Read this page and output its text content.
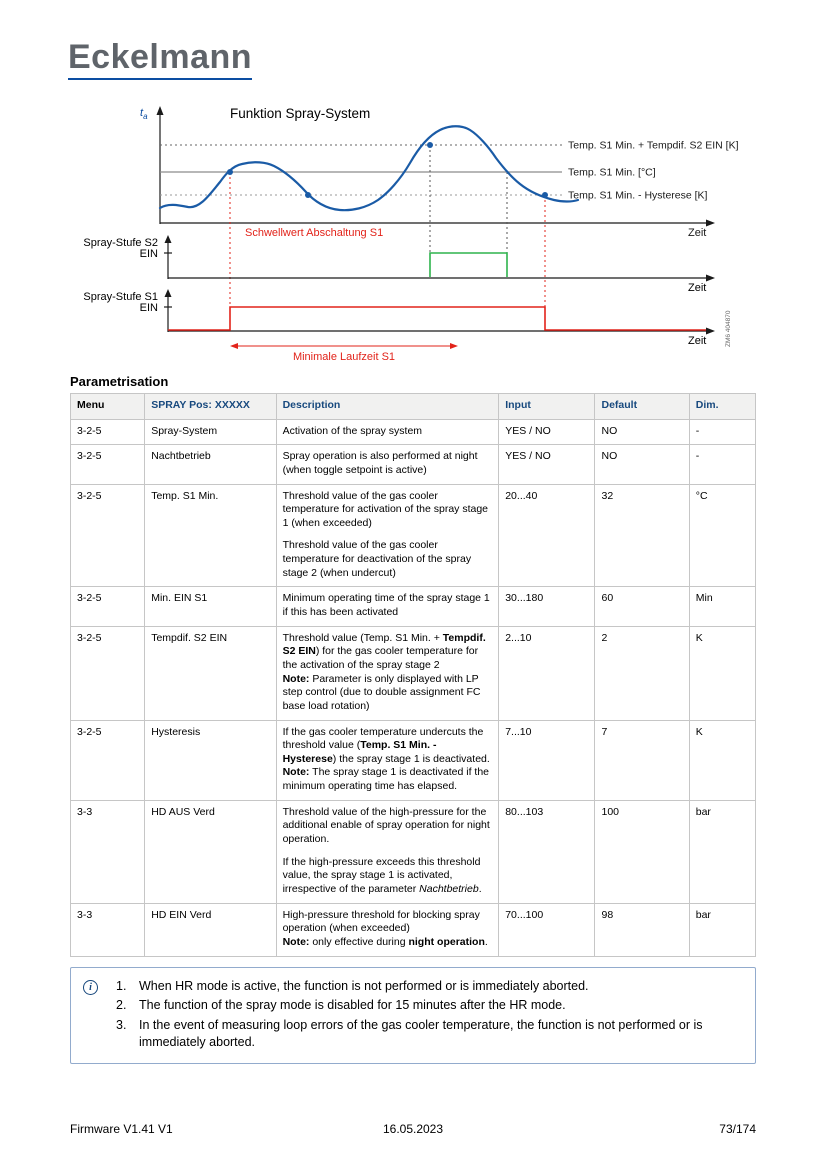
Eckelmann
Funktion Spray-System
$t_a$
Temp. S1 Min. + Tempdif. S2 EIN [K]
Temp. S1 Min. [°C]
Temp. S1 Min. - Hysterese [K]
Zeit
Schwellwert Abschaltung S1
Spray-Stufe S2
EIN
Zeit
Spray-Stufe S1
EIN
Zeit
Minimale Laufzeit S1
ZM6 404870
Parametrisation
Menu	SPRAY Pos: XXXXX	Description	Input	Default	Dim.

3-2-5	Spray-System	Activation of the spray system	YES / NO	NO	-

3-2-5	Nachtbetrieb	Spray operation is also performed at night (when toggle setpoint is active)	YES / NO	NO	-

3-2-5	Temp. S1 Min.	Threshold value of the gas cooler temperature for activation of the spray stage 1 (when exceeded)
Threshold value of the gas cooler temperature for deactivation of the spray stage 2 (when undercut)	20...40	32	°C

3-2-5	Min. EIN S1	Minimum operating time of the spray stage 1 if this has been activated	30...180	60	Min

3-2-5	Tempdif. S2 EIN	Threshold value (Temp. S1 Min. + Tempdif. S2 EIN) for the gas cooler temperature for the activation of the spray stage 2
Note: Parameter is only displayed with LP step control (due to double assignment FC base load rotation)	2...10	2	K

3-2-5	Hysteresis	If the gas cooler temperature undercuts the threshold value (Temp. S1 Min. - Hysterese) the spray stage 1 is deactivated.
Note: The spray stage 1 is deactivated if the minimum operating time has elapsed.	7...10	7	K

3-3	HD AUS Verd	Threshold value of the high-pressure for the additional enable of spray operation for night operation.
If the high-pressure exceeds this threshold value, the spray stage 1 is activated, irrespective of the parameter Nachtbetrieb.	80...103	100	bar

3-3	HD EIN Verd	High-pressure threshold for blocking spray operation (when exceeded)
Note: only effective during night operation.	70...100	98	bar
i	1.	When HR mode is active, the function is not performed or is immediately aborted.
2.	The function of the spray mode is disabled for 15 minutes after the HR mode.
3.	In the event of measuring loop errors of the gas cooler temperature, the function is not performed or is immediately aborted.
Firmware V1.41 V1	16.05.2023	73/174
